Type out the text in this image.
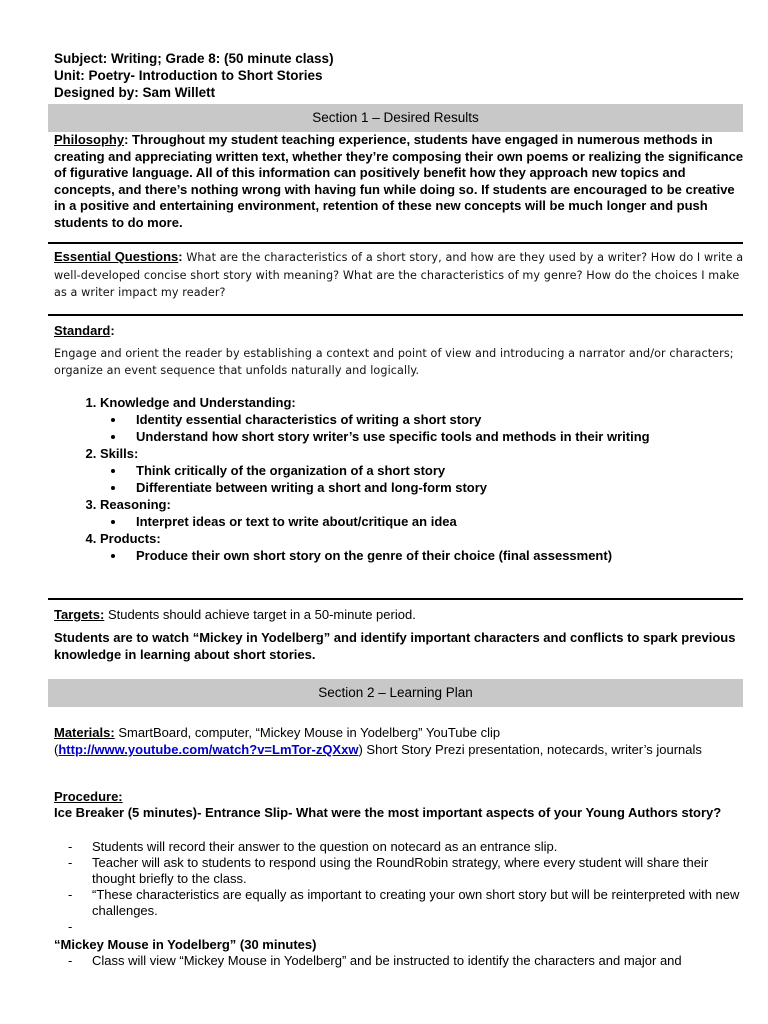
Subject: Writing; Grade 8: (50 minute class)
Unit: Poetry- Introduction to Short Stories
Designed by: Sam Willett
Section 1 – Desired Results
Philosophy: Throughout my student teaching experience, students have engaged in numerous methods in creating and appreciating written text, whether they’re composing their own poems or realizing the significance of figurative language. All of this information can positively benefit how they approach new topics and concepts, and there’s nothing wrong with having fun while doing so. If students are encouraged to be creative in a positive and entertaining environment, retention of these new concepts will be much longer and push students to do more.
Essential Questions: What are the characteristics of a short story, and how are they used by a writer? How do I write a well-developed concise short story with meaning? What are the characteristics of my genre? How do the choices I make as a writer impact my reader?
Standard:
Engage and orient the reader by establishing a context and point of view and introducing a narrator and/or characters; organize an event sequence that unfolds naturally and logically.
1. Knowledge and Understanding:
• Identity essential characteristics of writing a short story
• Understand how short story writer’s use specific tools and methods in their writing
2. Skills:
• Think critically of the organization of a short story
• Differentiate between writing a short and long-form story
3. Reasoning:
• Interpret ideas or text to write about/critique an idea
4. Products:
• Produce their own short story on the genre of their choice (final assessment)
Targets: Students should achieve target in a 50-minute period.
Students are to watch “Mickey in Yodelberg” and identify important characters and conflicts to spark previous knowledge in learning about short stories.
Section 2 – Learning Plan
Materials: SmartBoard, computer, “Mickey Mouse in Yodelberg” YouTube clip
(http://www.youtube.com/watch?v=LmTor-zQXxw) Short Story Prezi presentation, notecards, writer’s journals
Procedure:
Ice Breaker (5 minutes)- Entrance Slip- What were the most important aspects of your Young Authors story?
- Students will record their answer to the question on notecard as an entrance slip.
- Teacher will ask to students to respond using the RoundRobin strategy, where every student will share their thought briefly to the class.
- “These characteristics are equally as important to creating your own short story but will be reinterpreted with new challenges.
-
“Mickey Mouse in Yodelberg” (30 minutes)
- Class will view “Mickey Mouse in Yodelberg” and be instructed to identify the characters and major and
